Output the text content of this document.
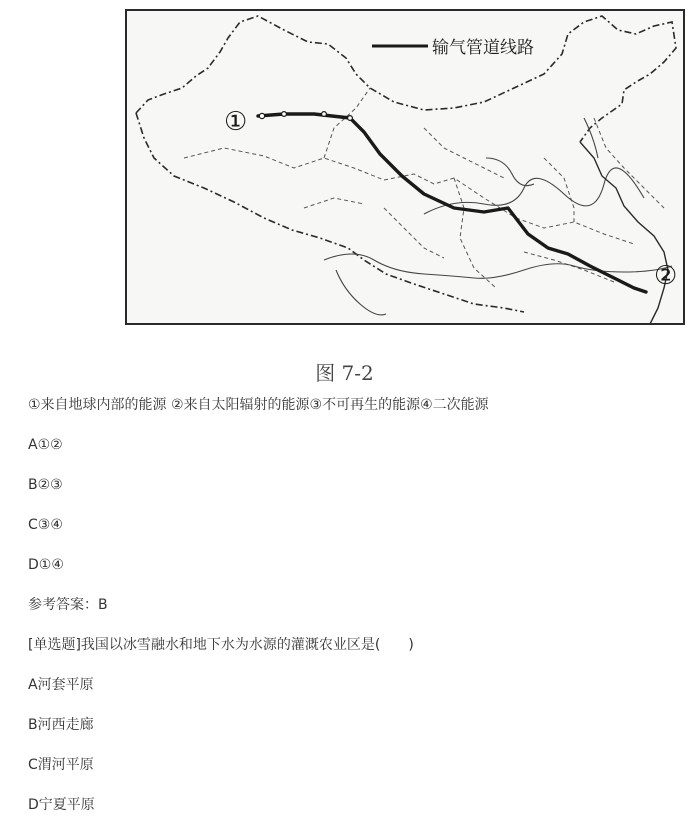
输气管道线路
①
②
图 7-2
①来自地球内部的能源 ②来自太阳辐射的能源③不可再生的能源④二次能源
A①②
B②③
C③④
D①④
参考答案：B
[单选题]我国以冰雪融水和地下水为水源的灌溉农业区是(　　)
A河套平原
B河西走廊
C渭河平原
D宁夏平原
